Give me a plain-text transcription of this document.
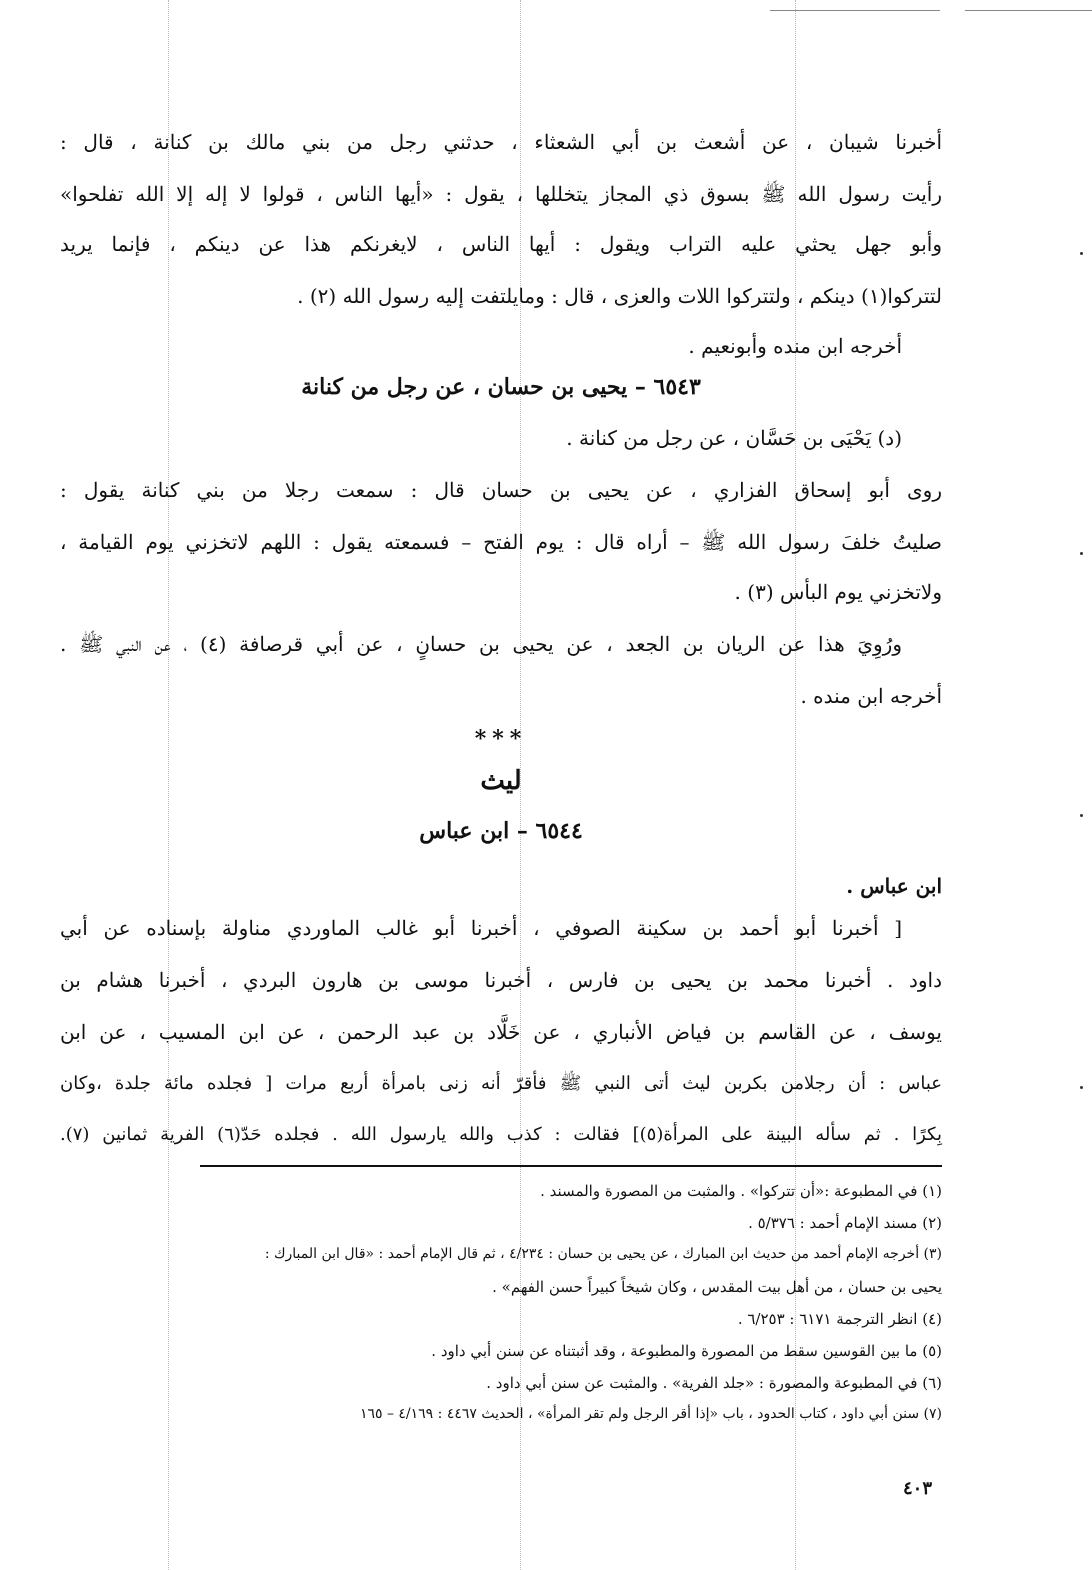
أخبرنا شيبان ، عن أشعث بن أبي الشعثاء ، حدثني رجل من بني مالك بن كنانة ، قال :
رأيت رسول الله ﷺ بسوق ذي المجاز يتخللها ، يقول : «أيها الناس ، قولوا لا إله إلا الله تفلحوا»
وأبو جهل يحثي عليه التراب ويقول : أيها الناس ، لايغرنكم هذا عن دينكم ، فإنما يريد
لتتركوا(١) دينكم ، ولتتركوا اللات والعزى ، قال : ومايلتفت إليه رسول الله (٢) .
أخرجه ابن منده وأبونعيم .
٦٥٤٣ – يحيى بن حسان ، عن رجل من كنانة
(د) يَحْيَى بن حَسَّان ، عن رجل من كنانة .
روى أبو إسحاق الفزاري ، عن يحيى بن حسان قال : سمعت رجلا من بني كنانة يقول :
صليتُ خلفَ رسول الله ﷺ – أراه قال : يوم الفتح – فسمعته يقول : اللهم لاتخزني يوم القيامة ،
ولاتخزني يوم البأس (٣) .
ورُوِيَ هذا عن الريان بن الجعد ، عن يحيى بن حسانٍ ، عن أبي قرصافة (٤) ، عن النبي ﷺ .
أخرجه ابن منده .
***
ليث
٦٥٤٤ – ابن عباس
ابن عباس .
[ أخبرنا أبو أحمد بن سكينة الصوفي ، أخبرنا أبو غالب الماوردي مناولة بإسناده عن أبي
داود . أخبرنا محمد بن يحيى بن فارس ، أخبرنا موسى بن هارون البردي ، أخبرنا هشام بن
يوسف ، عن القاسم بن فياض الأنباري ، عن خَلَّاد بن عبد الرحمن ، عن ابن المسيب ، عن ابن
عباس : أن رجلامن بكربن ليث أتى النبي ﷺ فأقرّ أنه زنى بامرأة أربع مرات [ فجلده مائة جلدة ،وكان
بِكرًا . ثم سأله البينة على المرأة(٥)] فقالت : كذب والله يارسول الله . فجلده حَدّ(٦) الفرية ثمانين (٧).
(١) في المطبوعة :«أن تتركوا» . والمثبت من المصورة والمسند .
(٢) مسند الإمام أحمد : ٥/٣٧٦ .
(٣) أخرجه الإمام أحمد من حديث ابن المبارك ، عن يحيى بن حسان : ٤/٢٣٤ ، ثم قال الإمام أحمد : «قال ابن المبارك :
يحيى بن حسان ، من أهل بيت المقدس ، وكان شيخاً كبيراً حسن الفهم» .
(٤) انظر الترجمة ٦١٧١ : ٦/٢٥٣ .
(٥) ما بين القوسين سقط من المصورة والمطبوعة ، وقد أثبتناه عن سنن أبي داود .
(٦) في المطبوعة والمصورة : «جلد الفرية» . والمثبت عن سنن أبي داود .
(٧) سنن أبي داود ، كتاب الحدود ، باب «إذا أقر الرجل ولم تقر المرأة» ، الحديث ٤٤٦٧ : ٤/١٦٩ – ١٦٥
٤٠٣
